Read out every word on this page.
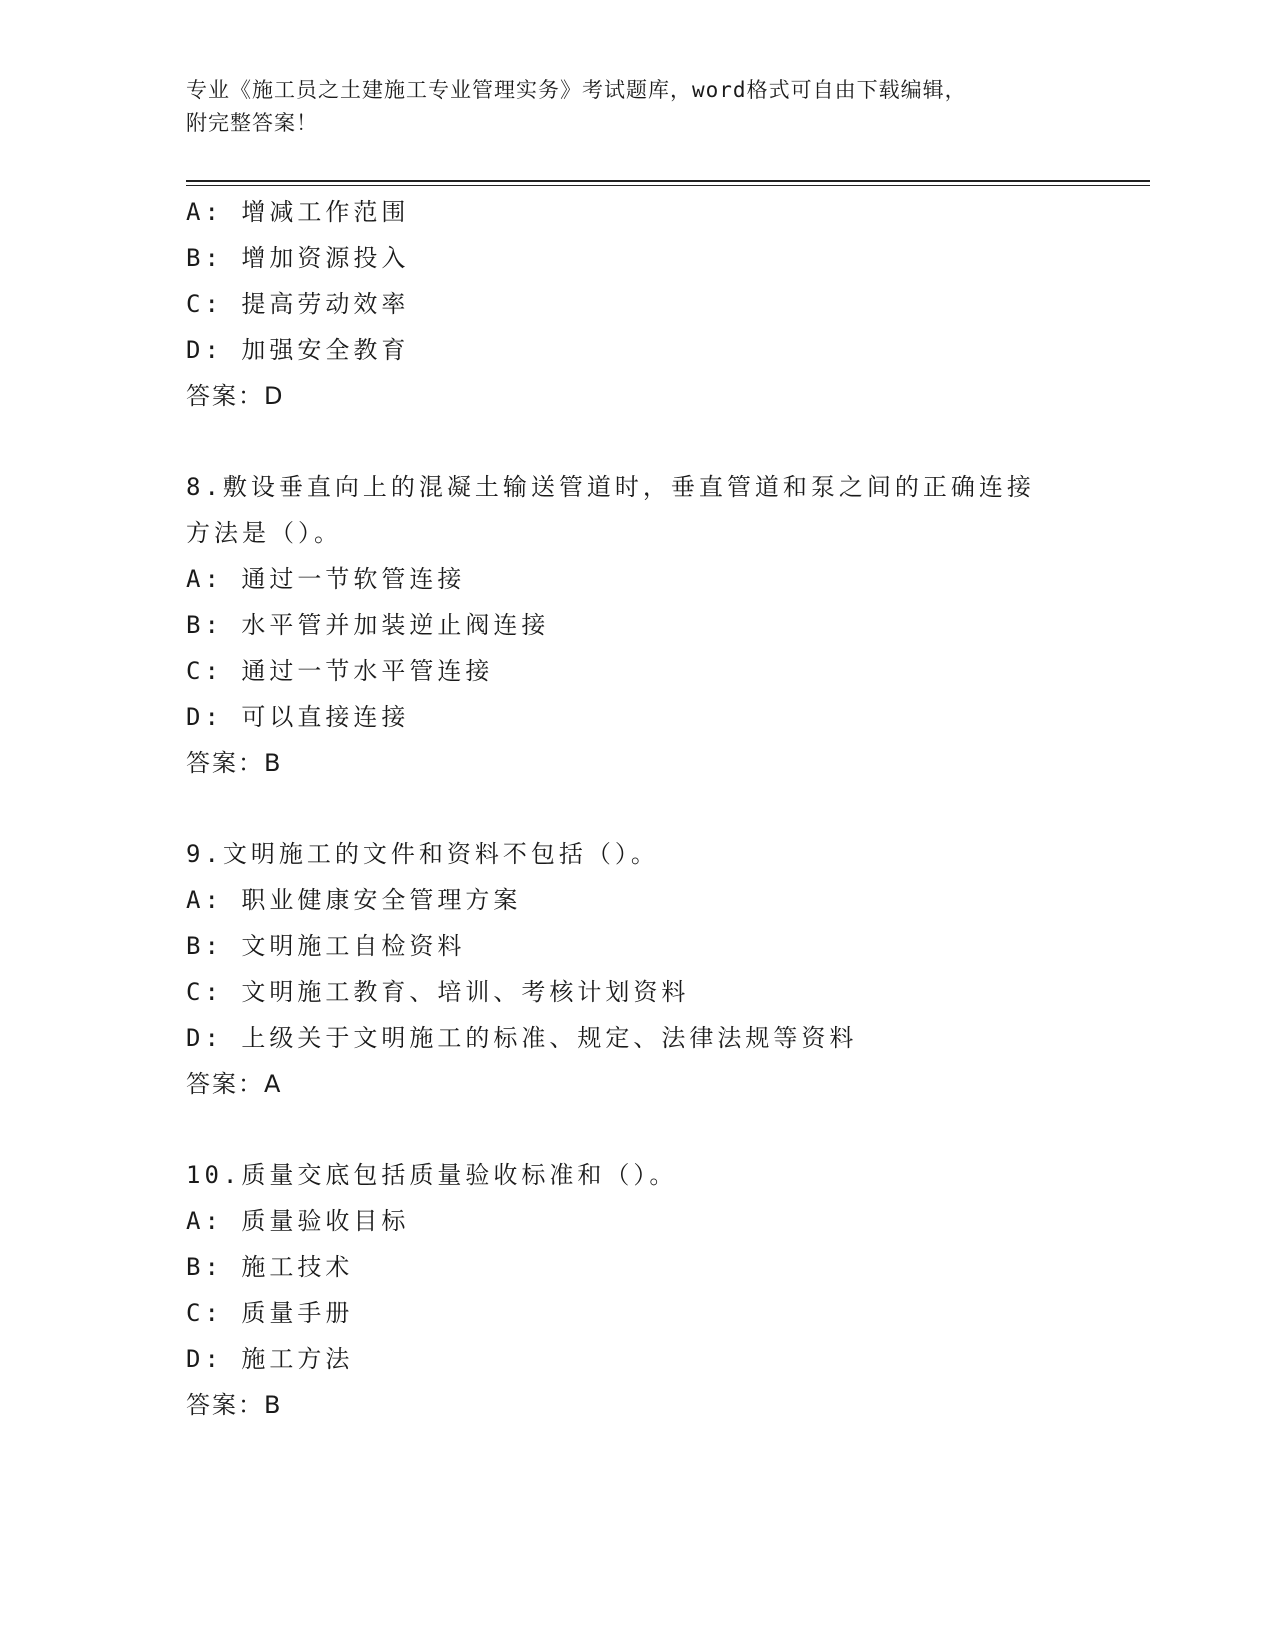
专业《施工员之土建施工专业管理实务》考试题库，word格式可自由下载编辑，
附完整答案！
A: 增减工作范围
B: 增加资源投入
C: 提高劳动效率
D: 加强安全教育
答案：D
8.敷设垂直向上的混凝土输送管道时，垂直管道和泵之间的正确连接
方法是（）。
A: 通过一节软管连接
B: 水平管并加装逆止阀连接
C: 通过一节水平管连接
D: 可以直接连接
答案：B
9.文明施工的文件和资料不包括（）。
A: 职业健康安全管理方案
B: 文明施工自检资料
C: 文明施工教育、培训、考核计划资料
D: 上级关于文明施工的标准、规定、法律法规等资料
答案：A
10.质量交底包括质量验收标准和（）。
A: 质量验收目标
B: 施工技术
C: 质量手册
D: 施工方法
答案：B
